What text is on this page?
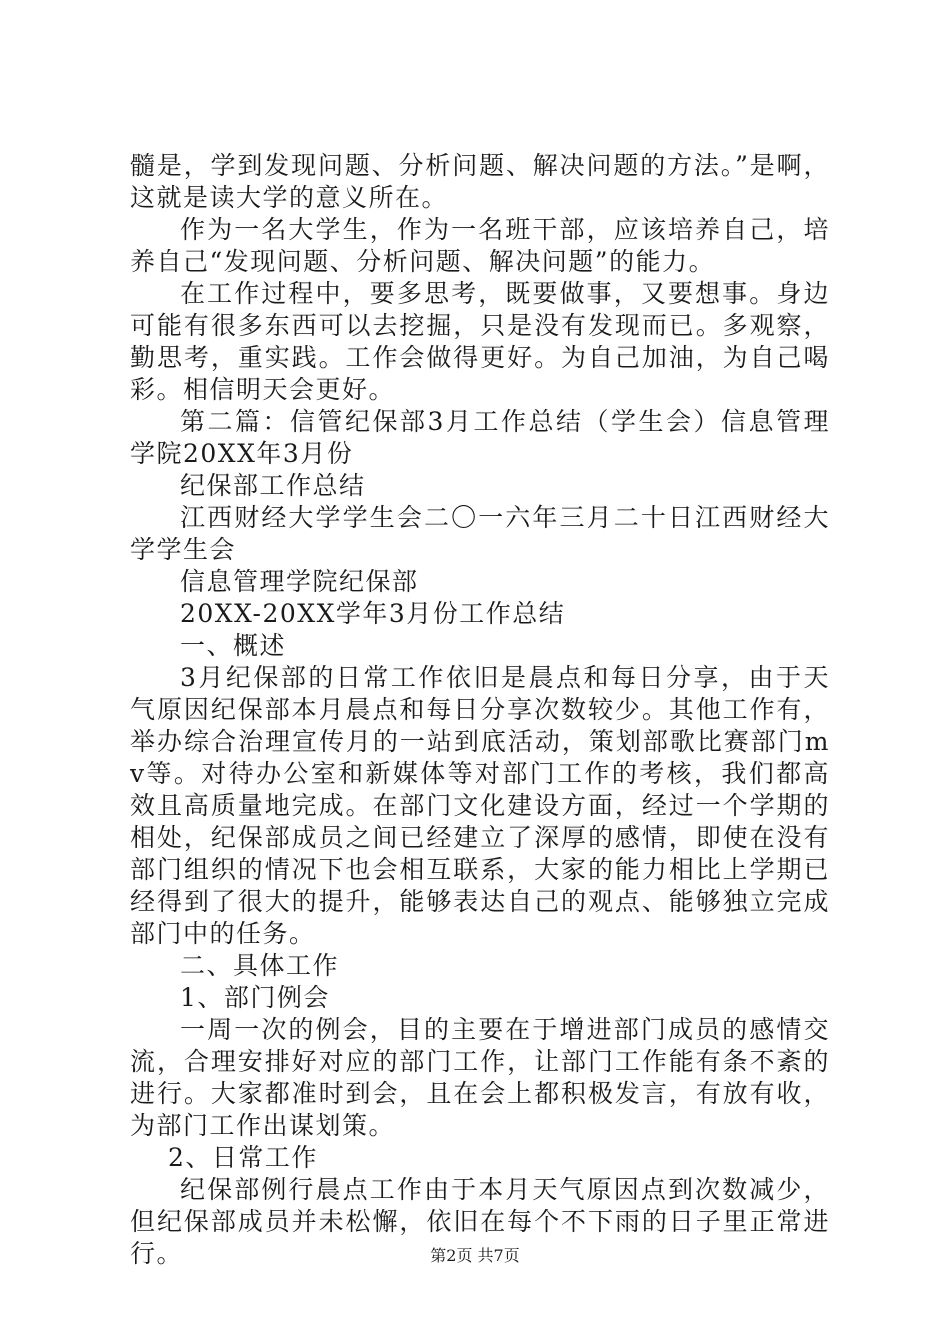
髓是，学到发现问题、分析问题、解决问题的方法。”是啊，这就是读大学的意义所在。

作为一名大学生，作为一名班干部，应该培养自己，培养自己“发现问题、分析问题、解决问题”的能力。

在工作过程中，要多思考，既要做事，又要想事。身边可能有很多东西可以去挖掘，只是没有发现而已。多观察，勤思考，重实践。工作会做得更好。为自己加油，为自己喝彩。相信明天会更好。

第二篇：信管纪保部3月工作总结（学生会）信息管理学院20XX年3月份

纪保部工作总结

江西财经大学学生会二〇一六年三月二十日江西财经大学学生会

信息管理学院纪保部

20XX-20XX学年3月份工作总结

一、概述

3月纪保部的日常工作依旧是晨点和每日分享，由于天气原因纪保部本月晨点和每日分享次数较少。其他工作有，举办综合治理宣传月的一站到底活动，策划部歌比赛部门mv等。对待办公室和新媒体等对部门工作的考核，我们都高效且高质量地完成。在部门文化建设方面，经过一个学期的相处，纪保部成员之间已经建立了深厚的感情，即使在没有部门组织的情况下也会相互联系，大家的能力相比上学期已经得到了很大的提升，能够表达自己的观点、能够独立完成部门中的任务。

二、具体工作

1、部门例会

一周一次的例会，目的主要在于增进部门成员的感情交流，合理安排好对应的部门工作，让部门工作能有条不紊的进行。大家都准时到会，且在会上都积极发言，有放有收，为部门工作出谋划策。

2、日常工作

纪保部例行晨点工作由于本月天气原因点到次数减少，但纪保部成员并未松懈，依旧在每个不下雨的日子里正常进行。	第2页 共7页
